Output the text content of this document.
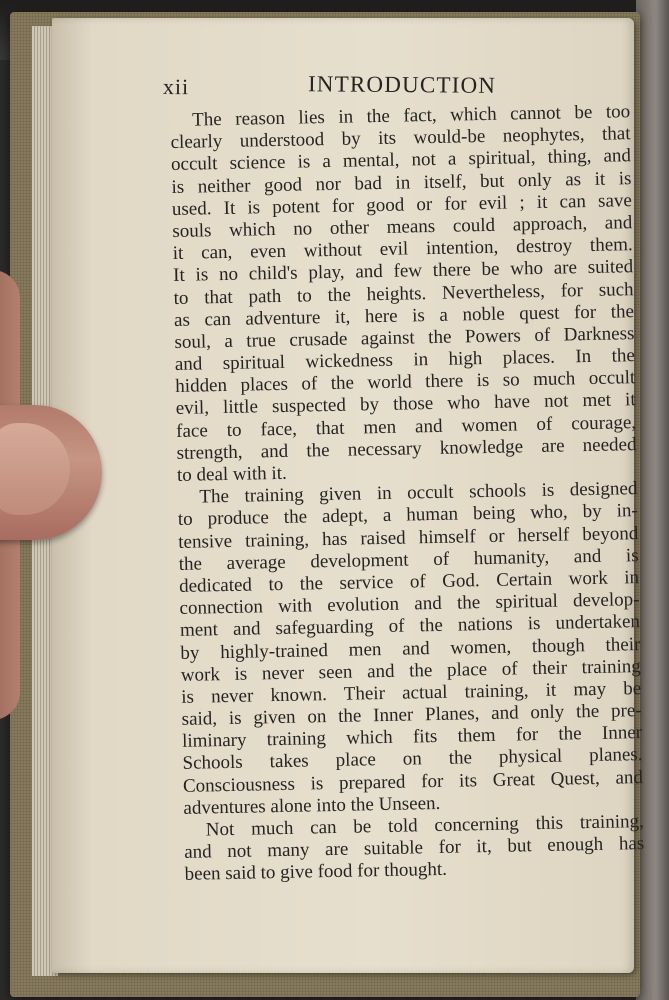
xii	INTRODUCTION
The reason lies in the fact, which cannot be too
clearly understood by its would-be neophytes, that
occult science is a mental, not a spiritual, thing, and
is neither good nor bad in itself, but only as it is
used. It is potent for good or for evil ; it can save
souls which no other means could approach, and
it can, even without evil intention, destroy them.
It is no child's play, and few there be who are suited
to that path to the heights. Nevertheless, for such
as can adventure it, here is a noble quest for the
soul, a true crusade against the Powers of Darkness
and spiritual wickedness in high places. In the
hidden places of the world there is so much occult
evil, little suspected by those who have not met it
face to face, that men and women of courage,
strength, and the necessary knowledge are needed
to deal with it.
The training given in occult schools is designed
to produce the adept, a human being who, by in-
tensive training, has raised himself or herself beyond
the average development of humanity, and is
dedicated to the service of God. Certain work in
connection with evolution and the spiritual develop-
ment and safeguarding of the nations is undertaken
by highly-trained men and women, though their
work is never seen and the place of their training
is never known. Their actual training, it may be
said, is given on the Inner Planes, and only the pre-
liminary training which fits them for the Inner
Schools takes place on the physical planes.
Consciousness is prepared for its Great Quest, and
adventures alone into the Unseen.
Not much can be told concerning this training,
and not many are suitable for it, but enough has
been said to give food for thought.
